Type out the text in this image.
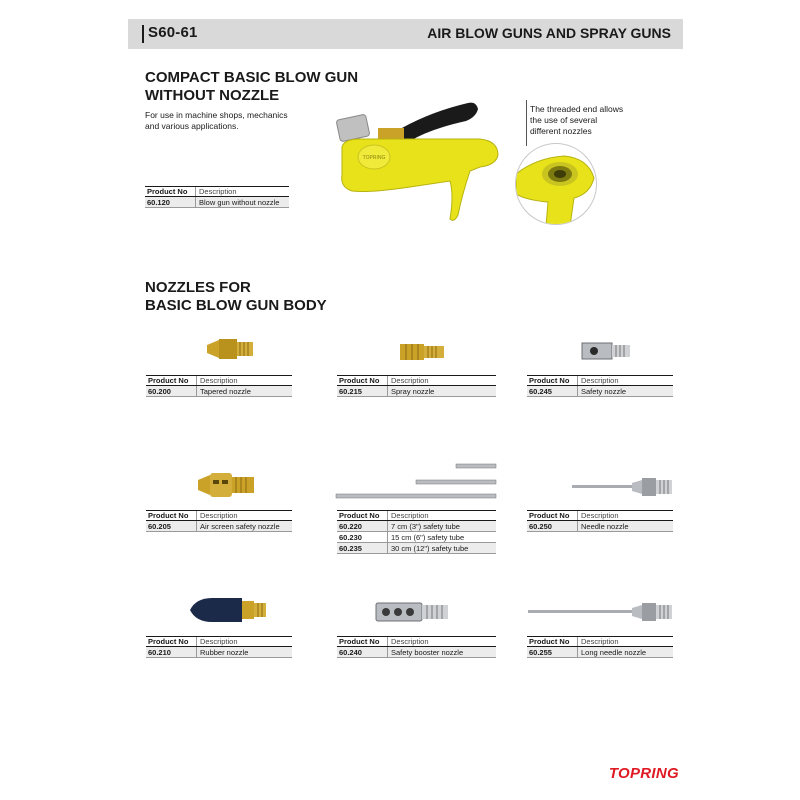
S60-61	AIR BLOW GUNS AND SPRAY GUNS
COMPACT BASIC BLOW GUN
WITHOUT NOZZLE
For use in machine shops, mechanics
and various applications.
Product No	Description
60.120	Blow gun without nozzle
TOPRING
The threaded end allows
the use of several
different nozzles
NOZZLES FOR
BASIC BLOW GUN BODY
Product No	Description
60.200	Tapered nozzle
Product No	Description
60.215	Spray nozzle
Product No	Description
60.245	Safety nozzle
Product No	Description
60.205	Air screen safety nozzle
Product No	Description
60.220	7 cm (3") safety tube
60.230	15 cm (6") safety tube
60.235	30 cm (12") safety tube
Product No	Description
60.250	Needle nozzle
Product No	Description
60.210	Rubber nozzle
Product No	Description
60.240	Safety booster nozzle
Product No	Description
60.255	Long needle nozzle
TOPRING
